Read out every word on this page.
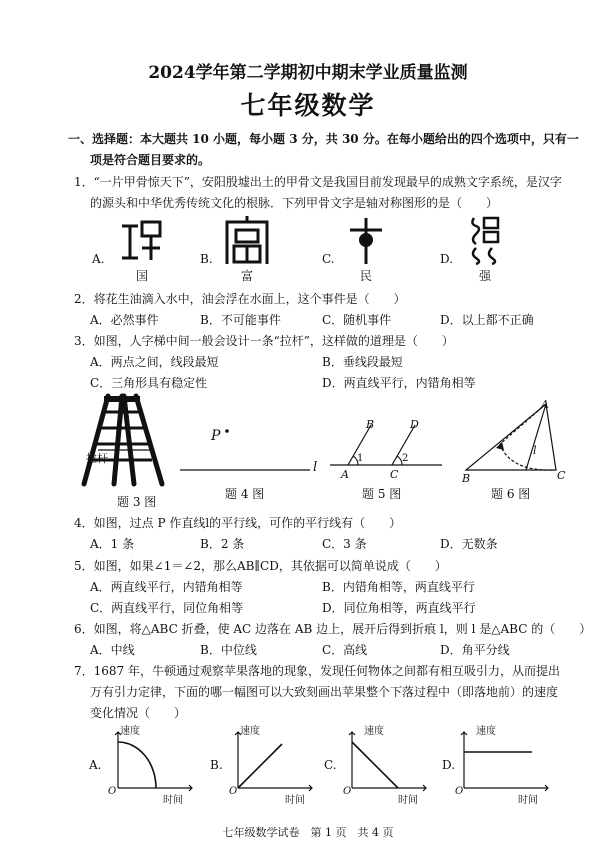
2024学年第二学期初中期末学业质量监测
七年级数学
一、选择题：本大题共 10 小题，每小题 3 分，共 30 分。在每小题给出的四个选项中，只有一
项是符合题目要求的。
1．“一片甲骨惊天下”，安阳殷墟出土的甲骨文是我国目前发现最早的成熟文字系统，是汉字
的源头和中华优秀传统文化的根脉．下列甲骨文字是轴对称图形的是（　　）
A.
国
B.
富
C.
民
D.
强
2．将花生油滴入水中，油会浮在水面上，这个事件是（　　）
A．必然事件	B．不可能事件	C．随机事件	D．以上都不正确
3．如图，人字梯中间一般会设计一条“拉杆”，这样做的道理是（　　）
A．两点之间，线段最短	B．垂线段最短
C．三角形具有稳定性	D．两直线平行，内错角相等
拉杆
题 3 图
P
l
题 4 图
B	D
1	2
A	C
题 5 图
A
l
B	C
题 6 图
4．如图，过点 P 作直线l的平行线，可作的平行线有（　　）
A．1 条	B．2 条	C．3 条	D．无数条
5．如图，如果∠1＝∠2，那么AB∥CD，其依据可以简单说成（　　）
A．两直线平行，内错角相等	B．内错角相等，两直线平行
C．两直线平行，同位角相等	D．同位角相等，两直线平行
6．如图，将△ABC 折叠，使 AC 边落在 AB 边上，展开后得到折痕 l，则 l 是△ABC 的（　　）
A．中线	B．中位线	C．高线	D．角平分线
7．1687 年，牛顿通过观察苹果落地的现象，发现任何物体之间都有相互吸引力，从而提出
万有引力定律，下面的哪一幅图可以大致刻画出苹果整个下落过程中（即落地前）的速度
变化情况（　　）
A.
速度
O
时间
B.
速度
O
时间
C.
速度
O
时间
D.
速度
O
时间
七年级数学试卷　第 1 页　共 4 页
